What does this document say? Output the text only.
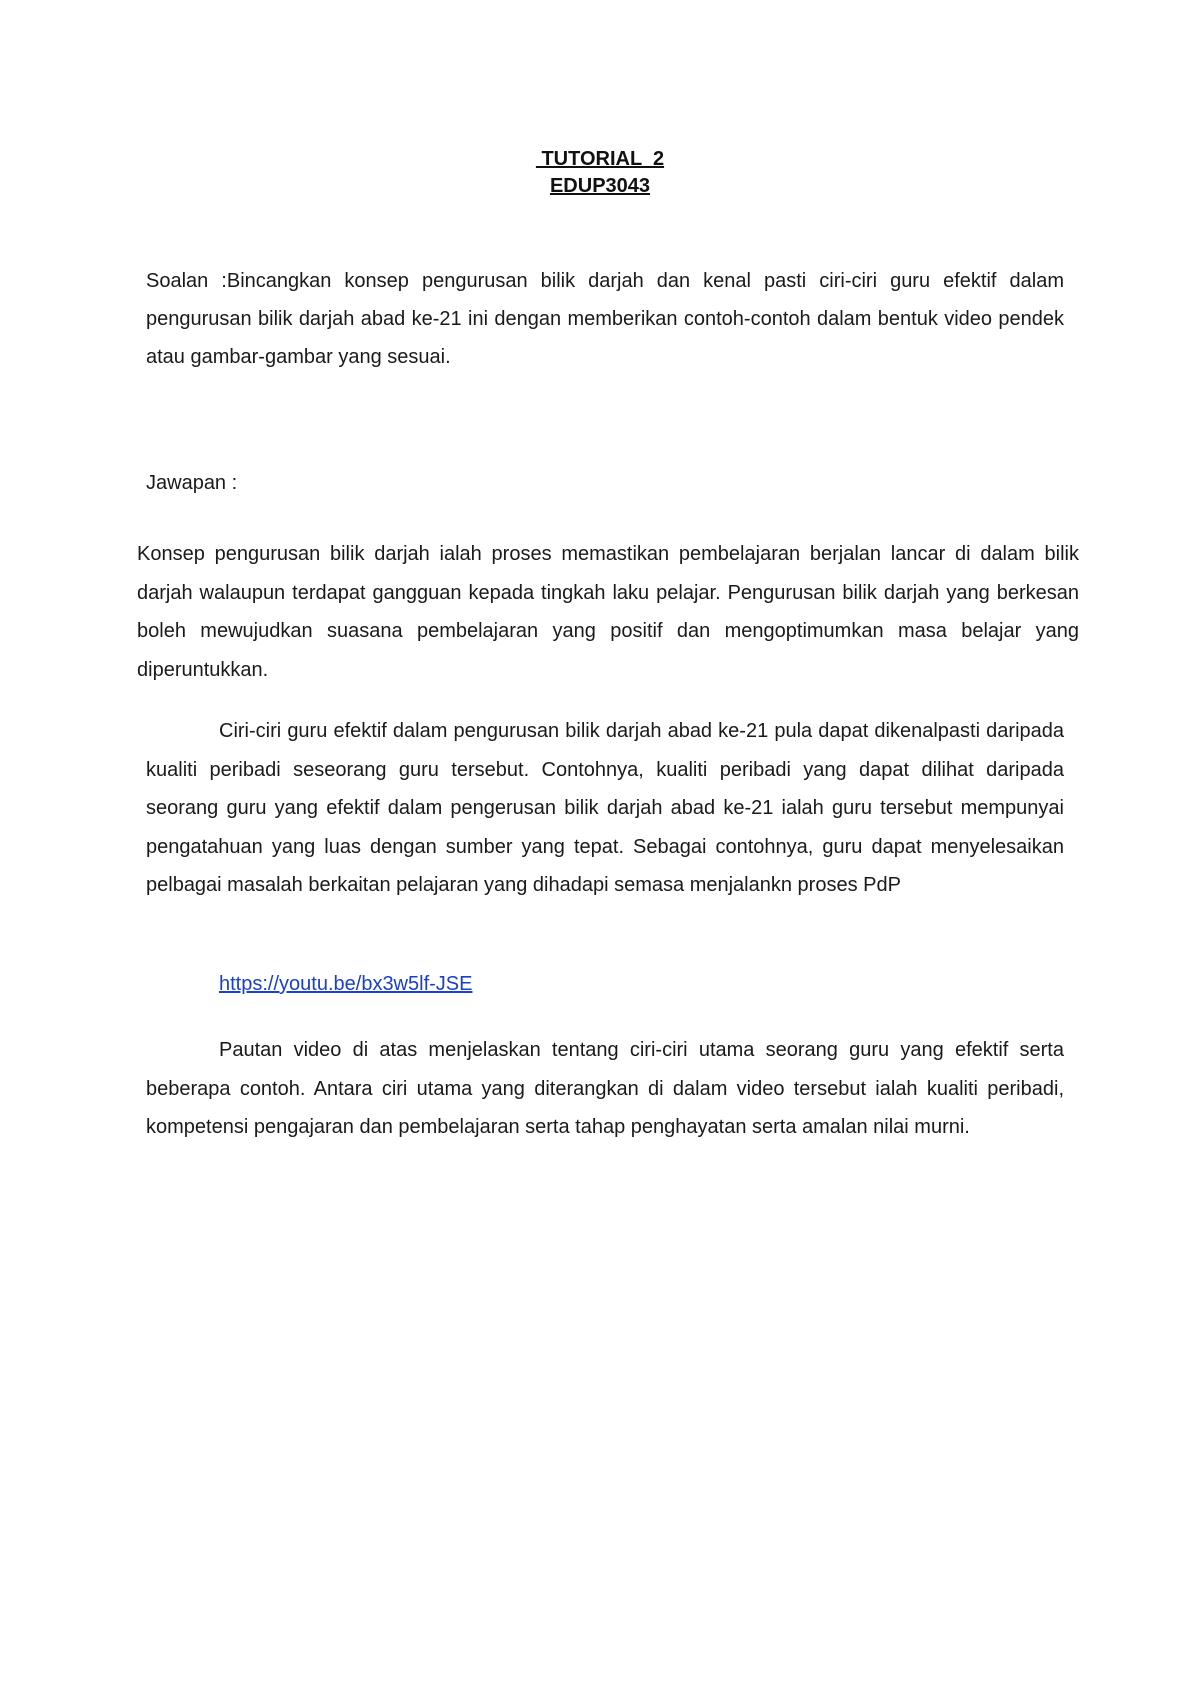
TUTORIAL  2
EDUP3043

Soalan :Bincangkan konsep pengurusan bilik darjah dan kenal pasti ciri-ciri guru efektif dalam pengurusan bilik darjah abad ke-21 ini dengan memberikan contoh-contoh dalam bentuk video pendek atau gambar-gambar yang sesuai.

Jawapan :

Konsep pengurusan bilik darjah ialah proses memastikan pembelajaran berjalan lancar di dalam bilik darjah walaupun terdapat gangguan kepada tingkah laku pelajar. Pengurusan bilik darjah yang berkesan boleh mewujudkan suasana pembelajaran yang positif dan mengoptimumkan masa belajar yang diperuntukkan.

Ciri-ciri guru efektif dalam pengurusan bilik darjah abad ke-21 pula dapat dikenalpasti daripada kualiti peribadi seseorang guru tersebut. Contohnya, kualiti peribadi yang dapat dilihat daripada seorang guru yang efektif dalam pengerusan bilik darjah abad ke-21 ialah guru tersebut mempunyai pengatahuan yang luas dengan sumber yang tepat. Sebagai contohnya, guru dapat menyelesaikan pelbagai masalah berkaitan pelajaran yang dihadapi semasa menjalankn proses PdP

https://youtu.be/bx3w5lf-JSE

Pautan video di atas menjelaskan tentang ciri-ciri utama seorang guru yang efektif serta beberapa contoh. Antara ciri utama yang diterangkan di dalam video tersebut ialah kualiti peribadi, kompetensi pengajaran dan pembelajaran serta tahap penghayatan serta amalan nilai murni.
